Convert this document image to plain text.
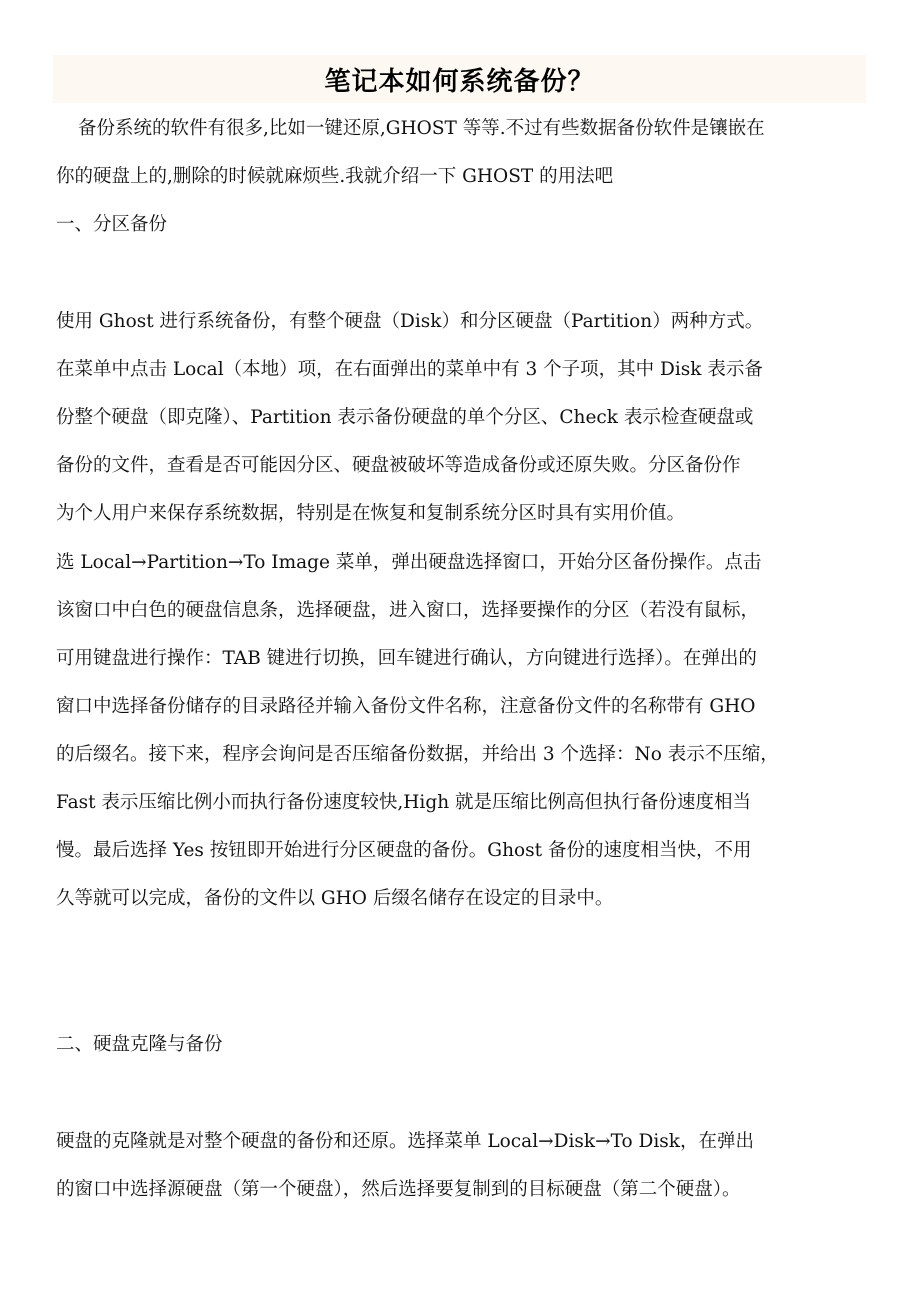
笔记本如何系统备份？
备份系统的软件有很多,比如一键还原,GHOST 等等.不过有些数据备份软件是镶嵌在
你的硬盘上的,删除的时候就麻烦些.我就介绍一下 GHOST 的用法吧
一、分区备份
使用 Ghost 进行系统备份，有整个硬盘（Disk）和分区硬盘（Partition）两种方式。
在菜单中点击 Local（本地）项，在右面弹出的菜单中有 3 个子项，其中 Disk 表示备
份整个硬盘（即克隆）、Partition 表示备份硬盘的单个分区、Check 表示检查硬盘或
备份的文件，查看是否可能因分区、硬盘被破坏等造成备份或还原失败。分区备份作
为个人用户来保存系统数据，特别是在恢复和复制系统分区时具有实用价值。
选 Local→Partition→To Image 菜单，弹出硬盘选择窗口，开始分区备份操作。点击
该窗口中白色的硬盘信息条，选择硬盘，进入窗口，选择要操作的分区（若没有鼠标，
可用键盘进行操作：TAB 键进行切换，回车键进行确认，方向键进行选择）。在弹出的
窗口中选择备份储存的目录路径并输入备份文件名称，注意备份文件的名称带有 GHO
的后缀名。接下来，程序会询问是否压缩备份数据，并给出 3 个选择：No 表示不压缩，
Fast 表示压缩比例小而执行备份速度较快,High 就是压缩比例高但执行备份速度相当
慢。最后选择 Yes 按钮即开始进行分区硬盘的备份。Ghost 备份的速度相当快，不用
久等就可以完成，备份的文件以 GHO 后缀名储存在设定的目录中。
二、硬盘克隆与备份
硬盘的克隆就是对整个硬盘的备份和还原。选择菜单 Local→Disk→To Disk，在弹出
的窗口中选择源硬盘（第一个硬盘），然后选择要复制到的目标硬盘（第二个硬盘）。
